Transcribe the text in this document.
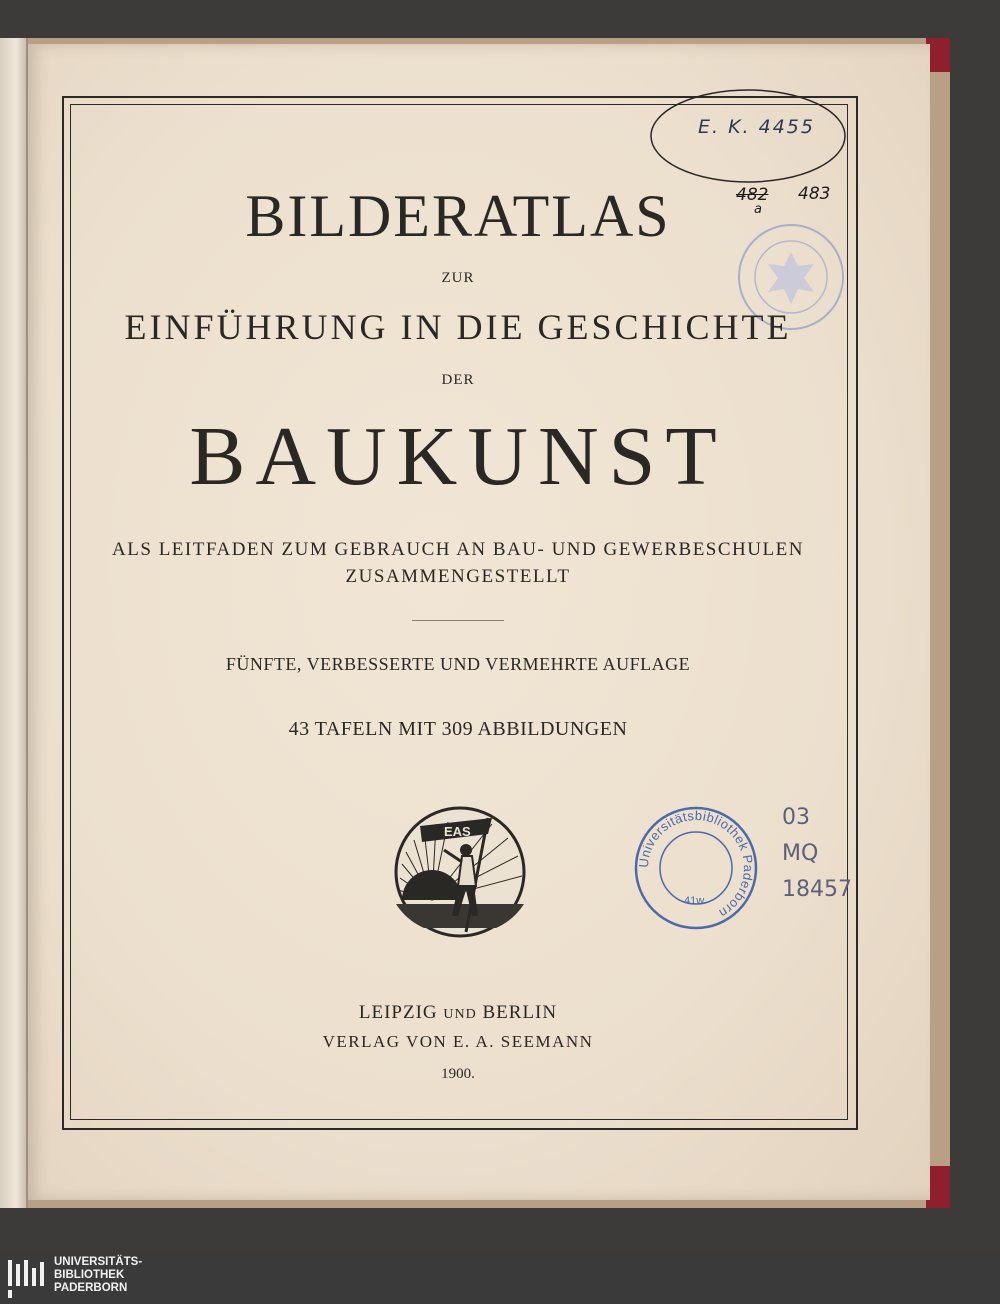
E. K. 4455
482 483
a
BILDERATLAS
ZUR
EINFÜHRUNG IN DIE GESCHICHTE
DER
BAUKUNST
ALS LEITFADEN ZUM GEBRAUCH AN BAU- UND GEWERBESCHULEN
ZUSAMMENGESTELLT
FÜNFTE, VERBESSERTE UND VERMEHRTE AUFLAGE
43 TAFELN MIT 309 ABBILDUNGEN
EAS
Universitätsbibliothek Paderborn
41w
03
MQ
18457
LEIPZIG UND BERLIN
VERLAG VON E. A. SEEMANN
1900.
UNIVERSITÄTS-
BIBLIOTHEK
PADERBORN
